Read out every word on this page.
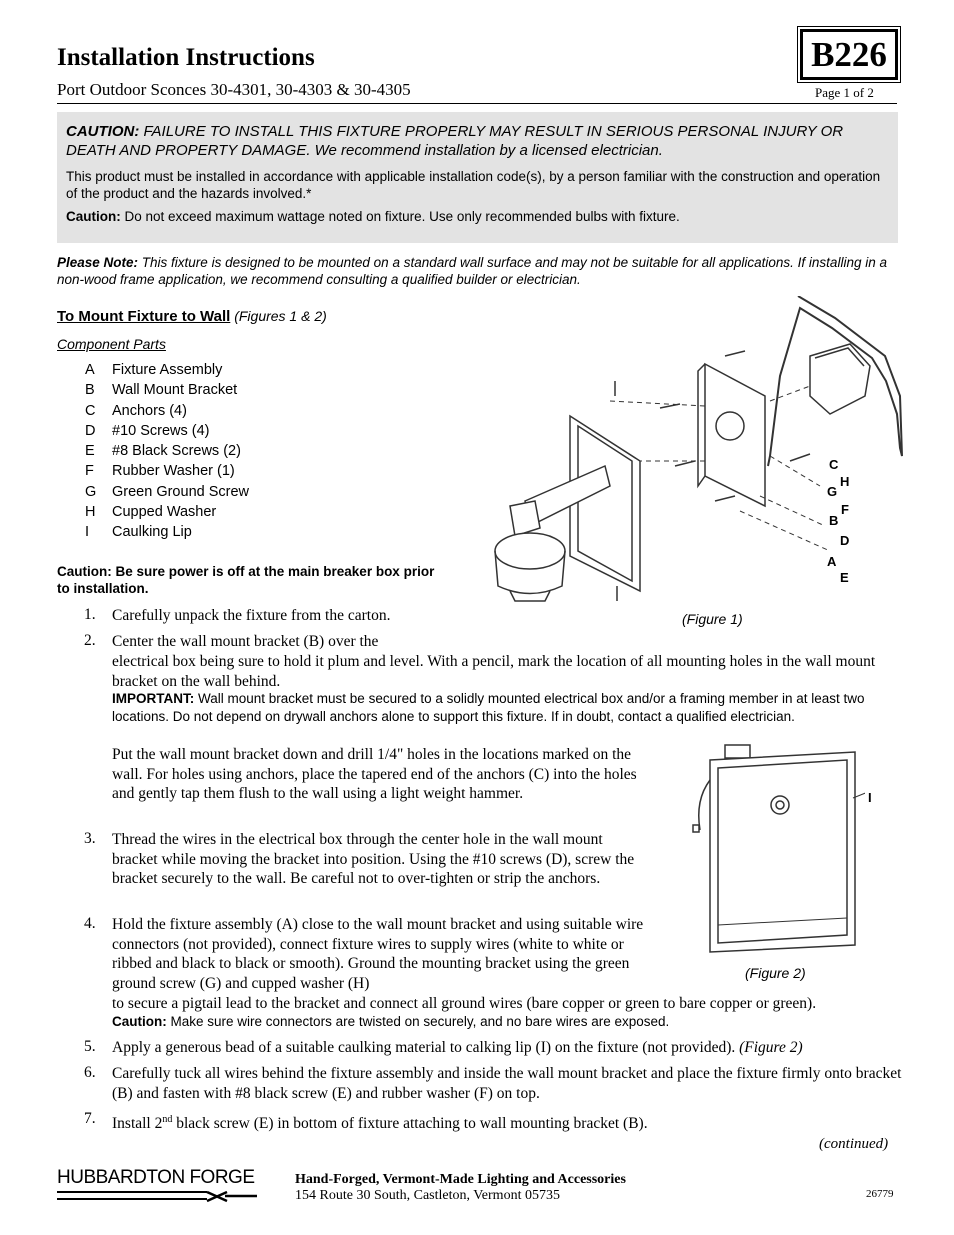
Installation Instructions
Port Outdoor Sconces 30-4301, 30-4303 & 30-4305
B226
Page 1 of 2
CAUTION: FAILURE TO INSTALL THIS FIXTURE PROPERLY MAY RESULT IN SERIOUS PERSONAL INJURY OR DEATH AND PROPERTY DAMAGE. We recommend installation by a licensed electrician.
This product must be installed in accordance with applicable installation code(s), by a person familiar with the construction and operation of the product and the hazards involved.*
Caution: Do not exceed maximum wattage noted on fixture. Use only recommended bulbs with fixture.
Please Note: This fixture is designed to be mounted on a standard wall surface and may not be suitable for all applications. If installing in a non-wood frame application, we recommend consulting a qualified builder or electrician.
To Mount Fixture to Wall (Figures 1 & 2)
Component Parts
A Fixture Assembly
B Wall Mount Bracket
C Anchors (4)
D #10 Screws (4)
E #8 Black Screws (2)
F Rubber Washer (1)
G Green Ground Screw
H Cupped Washer
I Caulking Lip
Caution: Be sure power is off at the main breaker box prior to installation.
C
H
G
F
B
D
A
E
(Figure 1)
I
(Figure 2)
1. Carefully unpack the fixture from the carton.
2. Center the wall mount bracket (B) over the
electrical box being sure to hold it plum and level. With a pencil, mark the location of all mounting holes in the wall mount bracket on the wall behind.
IMPORTANT: Wall mount bracket must be secured to a solidly mounted electrical box and/or a framing member in at least two locations. Do not depend on drywall anchors alone to support this fixture. If in doubt, contact a qualified electrician.
Put the wall mount bracket down and drill 1/4" holes in the locations marked on the wall. For holes using anchors, place the tapered end of the anchors (C) into the holes and gently tap them flush to the wall using a light weight hammer.
3. Thread the wires in the electrical box through the center hole in the wall mount bracket while moving the bracket into position. Using the #10 screws (D), screw the bracket securely to the wall. Be careful not to over-tighten or strip the anchors.
4. Hold the fixture assembly (A) close to the wall mount bracket and using suitable wire connectors (not provided), connect fixture wires to supply wires (white to white or ribbed and black to black or smooth). Ground the mounting bracket using the green ground screw (G) and cupped washer (H)
to secure a pigtail lead to the bracket and connect all ground wires (bare copper or green to bare copper or green).
Caution: Make sure wire connectors are twisted on securely, and no bare wires are exposed.
5. Apply a generous bead of a suitable caulking material to calking lip (I) on the fixture (not provided). (Figure 2)
6. Carefully tuck all wires behind the fixture assembly and inside the wall mount bracket and place the fixture firmly onto bracket (B) and fasten with #8 black screw (E) and rubber washer (F) on top.
7. Install 2nd black screw (E) in bottom of fixture attaching to wall mounting bracket (B).
(continued)
HUBBARDTON FORGE	Hand-Forged, Vermont-Made Lighting and Accessories
154 Route 30 South, Castleton, Vermont 05735	26779
